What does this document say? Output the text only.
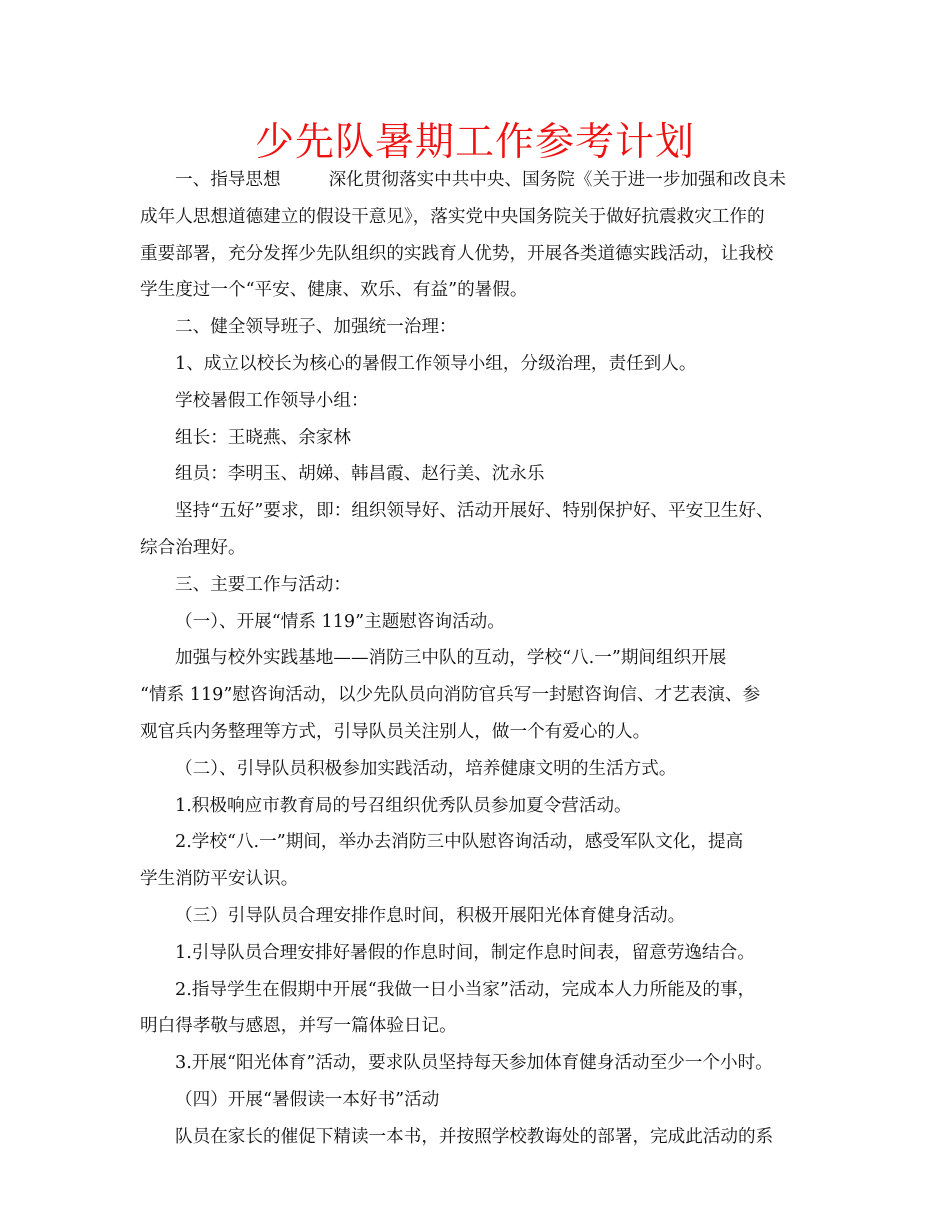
少先队暑期工作参考计划
一、指导思想	深化贯彻落实中共中央、国务院《关于进一步加强和改良未
成年人思想道德建立的假设干意见》，落实党中央国务院关于做好抗震救灾工作的
重要部署，充分发挥少先队组织的实践育人优势，开展各类道德实践活动，让我校
学生度过一个“平安、健康、欢乐、有益”的暑假。
二、健全领导班子、加强统一治理：
1、成立以校长为核心的暑假工作领导小组，分级治理，责任到人。
学校暑假工作领导小组：
组长：王晓燕、余家林
组员：李明玉、胡娣、韩昌霞、赵行美、沈永乐
坚持“五好”要求，即：组织领导好、活动开展好、特别保护好、平安卫生好、
综合治理好。
三、主要工作与活动：
（一）、开展“情系 119”主题慰咨询活动。
加强与校外实践基地——消防三中队的互动，学校“八.一”期间组织开展
“情系 119”慰咨询活动，以少先队员向消防官兵写一封慰咨询信、才艺表演、参
观官兵内务整理等方式，引导队员关注别人，做一个有爱心的人。
（二）、引导队员积极参加实践活动，培养健康文明的生活方式。
1.积极响应市教育局的号召组织优秀队员参加夏令营活动。
2.学校“八.一”期间，举办去消防三中队慰咨询活动，感受军队文化，提高
学生消防平安认识。
（三）引导队员合理安排作息时间，积极开展阳光体育健身活动。
1.引导队员合理安排好暑假的作息时间，制定作息时间表，留意劳逸结合。
2.指导学生在假期中开展“我做一日小当家”活动，完成本人力所能及的事，
明白得孝敬与感恩，并写一篇体验日记。
3.开展“阳光体育”活动，要求队员坚持每天参加体育健身活动至少一个小时。
（四）开展“暑假读一本好书”活动
队员在家长的催促下精读一本书，并按照学校教诲处的部署，完成此活动的系
